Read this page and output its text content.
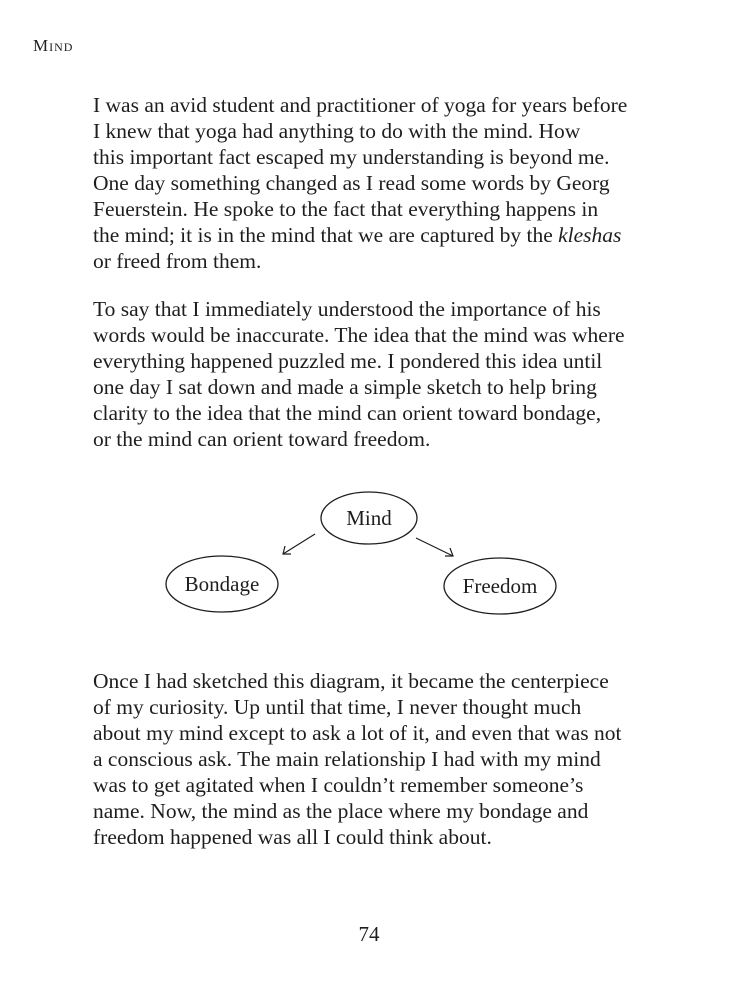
Mind

I was an avid student and practitioner of yoga for years before
I knew that yoga had anything to do with the mind. How
this important fact escaped my understanding is beyond me.
One day something changed as I read some words by Georg
Feuerstein. He spoke to the fact that everything happens in
the mind; it is in the mind that we are captured by the kleshas
or freed from them.

To say that I immediately understood the importance of his
words would be inaccurate. The idea that the mind was where
everything happened puzzled me. I pondered this idea until
one day I sat down and made a simple sketch to help bring
clarity to the idea that the mind can orient toward bondage,
or the mind can orient toward freedom.

Mind
Bondage	Freedom

Once I had sketched this diagram, it became the centerpiece
of my curiosity. Up until that time, I never thought much
about my mind except to ask a lot of it, and even that was not
a conscious ask. The main relationship I had with my mind
was to get agitated when I couldn’t remember someone’s
name. Now, the mind as the place where my bondage and
freedom happened was all I could think about.

74
